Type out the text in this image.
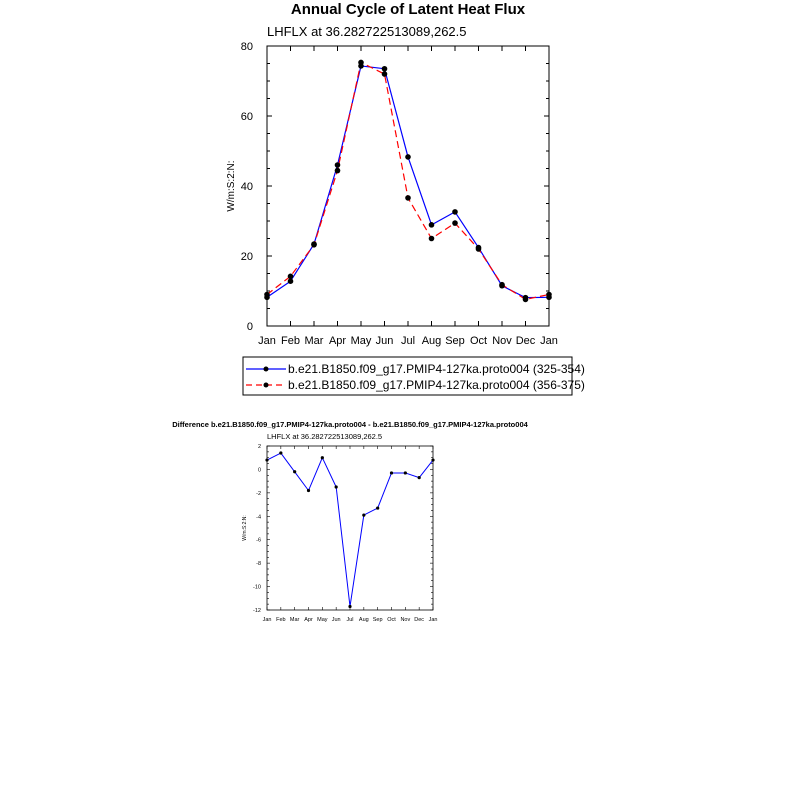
Annual Cycle of Latent Heat Flux
LHFLX at 36.282722513089,262.5
W/m:S:2:N:
Jan Feb Mar Apr May Jun Jul Aug Sep Oct Nov Dec Jan
0
20
40
60
80
b.e21.B1850.f09_g17.PMIP4-127ka.proto004 (325-354)
b.e21.B1850.f09_g17.PMIP4-127ka.proto004 (356-375)
Difference b.e21.B1850.f09_g17.PMIP4-127ka.proto004 - b.e21.B1850.f09_g17.PMIP4-127ka.proto004
LHFLX at 36.282722513089,262.5
W/m:S:2:N:
Jan Feb Mar Apr May Jun Jul Aug Sep Oct Nov Dec Jan
-12
-10
-8
-6
-4
-2
0
2
